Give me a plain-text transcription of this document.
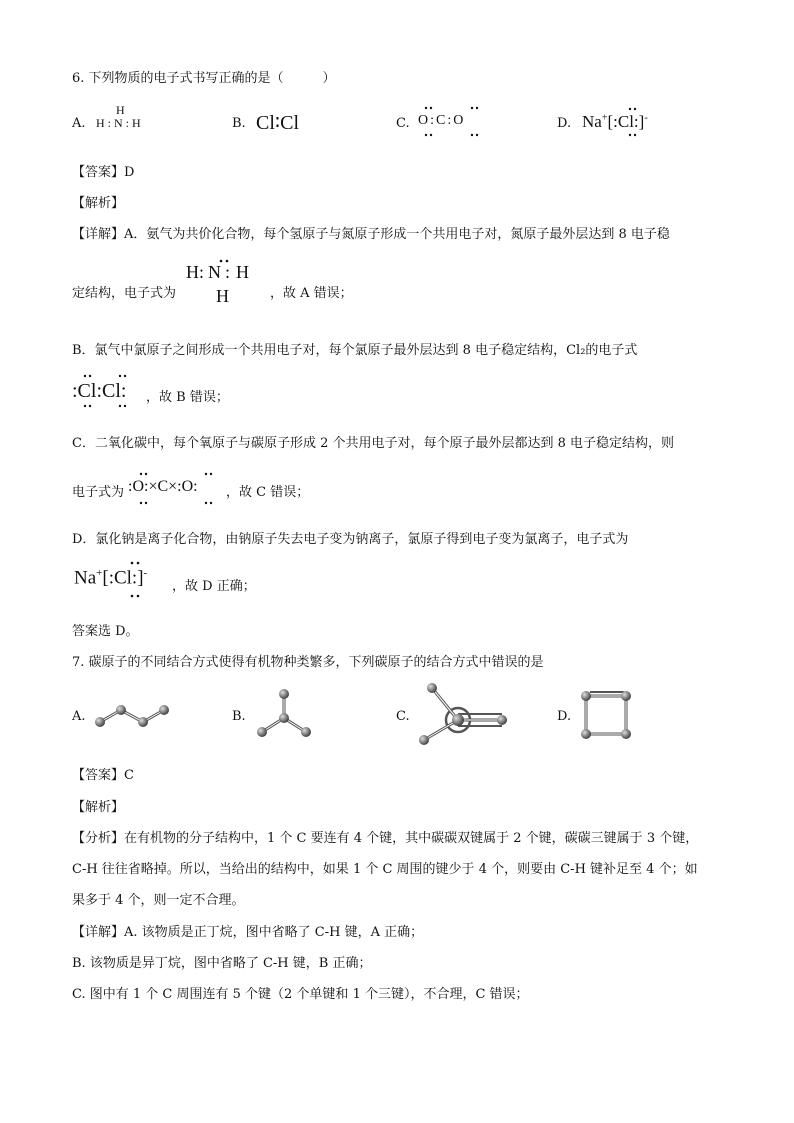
6. 下列物质的电子式书写正确的是（　　　）
A.
H
H : N : H	B. Cl∶Cl	C. O:C:O	D. Na+[:Cl:]-
【答案】D
【解析】
【详解】A．氨气为共价化合物，每个氢原子与氮原子形成一个共用电子对，氮原子最外层达到 8 电子稳
定结构，电子式为
H: N : H
H	，故 A 错误；
B．氯气中氯原子之间形成一个共用电子对，每个氯原子最外层达到 8 电子稳定结构，Cl₂的电子式
:Cl:Cl: ，故 B 错误；
C．二氧化碳中，每个氧原子与碳原子形成 2 个共用电子对，每个原子最外层都达到 8 电子稳定结构，则
电子式为 :O:×C×:O: ，故 C 错误；
D．氯化钠是离子化合物，由钠原子失去电子变为钠离子，氯原子得到电子变为氯离子，电子式为
Na+[:Cl:]-
，故 D 正确；
答案选 D。
7. 碳原子的不同结合方式使得有机物种类繁多，下列碳原子的结合方式中错误的是
A.	B.	C.	D.
【答案】C
【解析】
【分析】在有机物的分子结构中，1 个 C 要连有 4 个键，其中碳碳双键属于 2 个键，碳碳三键属于 3 个键，
C-H 往往省略掉。所以，当给出的结构中，如果 1 个 C 周围的键少于 4 个，则要由 C-H 键补足至 4 个；如
果多于 4 个，则一定不合理。
【详解】A. 该物质是正丁烷，图中省略了 C-H 键，A 正确；
B. 该物质是异丁烷，图中省略了 C-H 键，B 正确；
C. 图中有 1 个 C 周围连有 5 个键（2 个单键和 1 个三键），不合理，C 错误；
